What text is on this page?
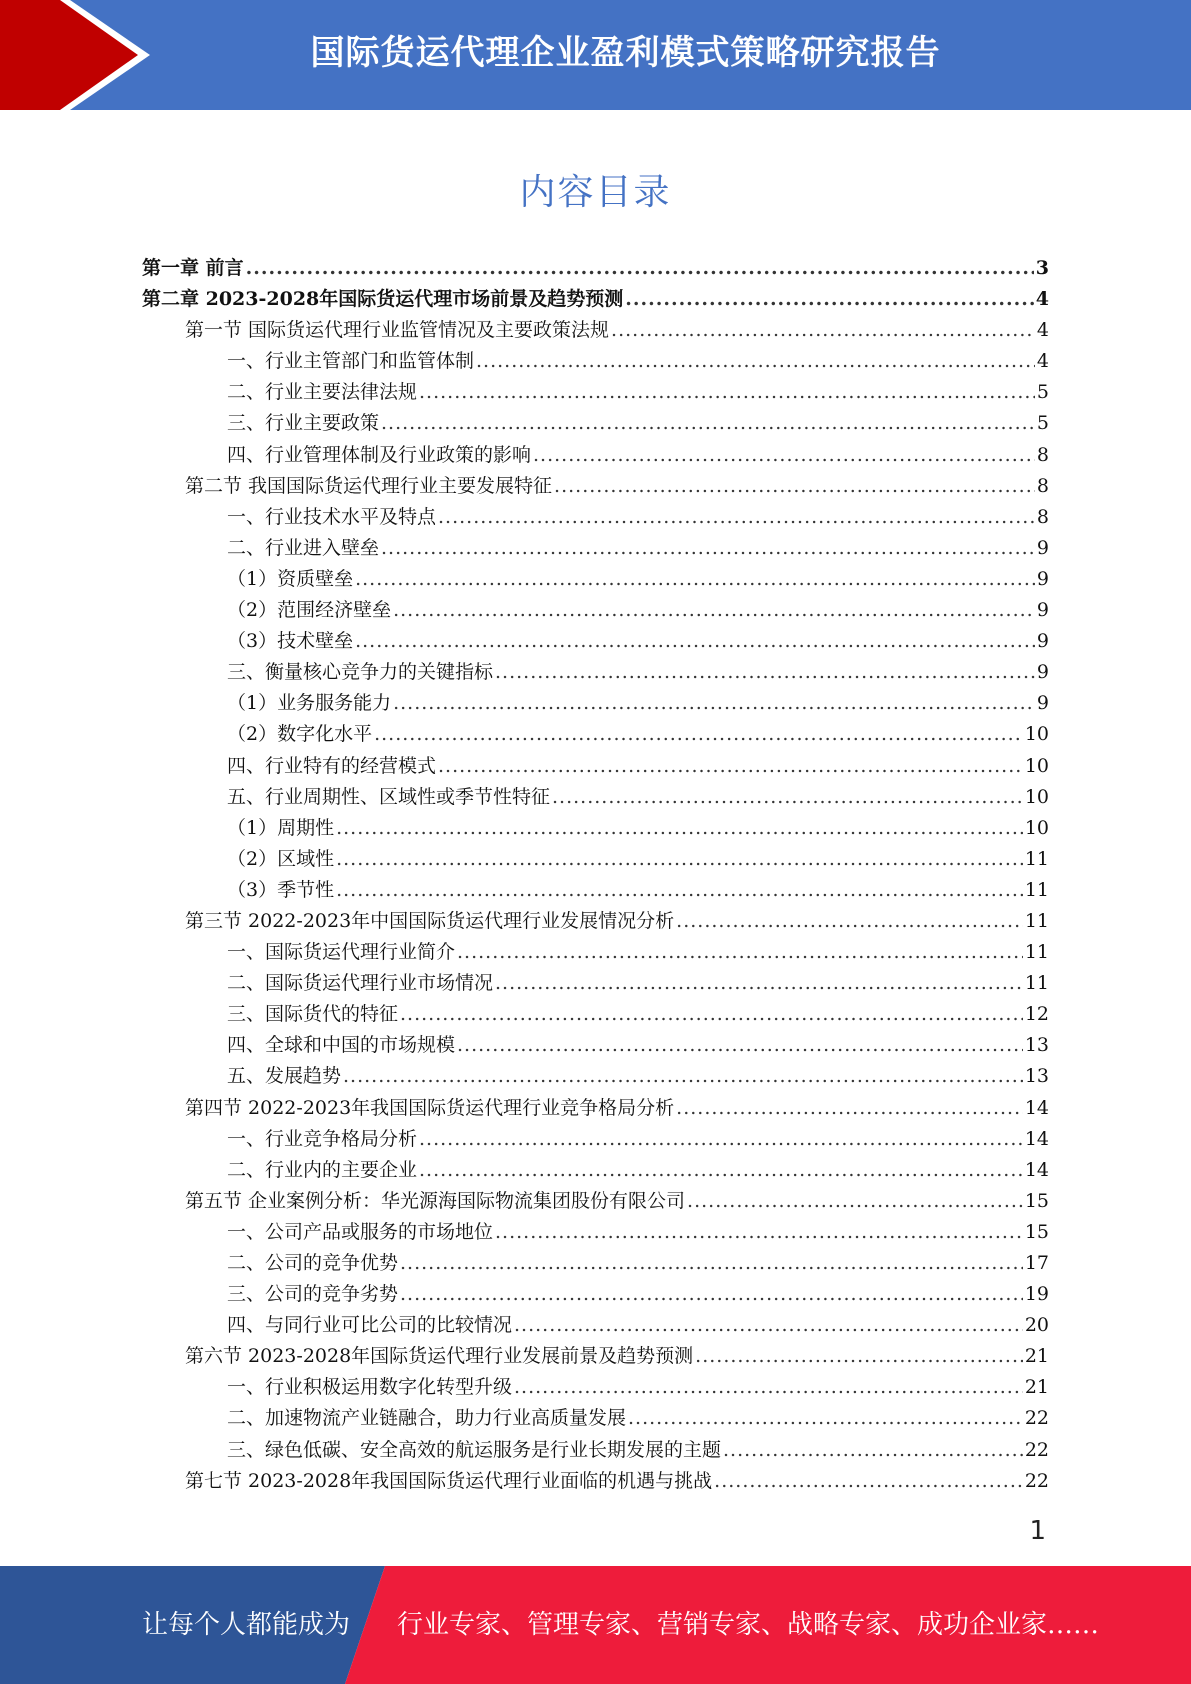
国际货运代理企业盈利模式策略研究报告
内容目录
第一章 前言 .....	3
第二章 2023-2028年国际货运代理市场前景及趋势预测 .....	4
第一节 国际货运代理行业监管情况及主要政策法规 .....	4
一、行业主管部门和监管体制 .....	4
二、行业主要法律法规 .....	5
三、行业主要政策 .....	5
四、行业管理体制及行业政策的影响 .....	8
第二节 我国国际货运代理行业主要发展特征 .....	8
一、行业技术水平及特点 .....	8
二、行业进入壁垒 .....	9
（1）资质壁垒 .....	9
（2）范围经济壁垒 .....	9
（3）技术壁垒 .....	9
三、衡量核心竞争力的关键指标 .....	9
（1）业务服务能力 .....	9
（2）数字化水平 .....	10
四、行业特有的经营模式 .....	10
五、行业周期性、区域性或季节性特征 .....	10
（1）周期性 .....	10
（2）区域性 .....	11
（3）季节性 .....	11
第三节 2022-2023年中国国际货运代理行业发展情况分析 .....	11
一、国际货运代理行业简介 .....	11
二、国际货运代理行业市场情况 .....	11
三、国际货代的特征 .....	12
四、全球和中国的市场规模 .....	13
五、发展趋势 .....	13
第四节 2022-2023年我国国际货运代理行业竞争格局分析 .....	14
一、行业竞争格局分析 .....	14
二、行业内的主要企业 .....	14
第五节 企业案例分析：华光源海国际物流集团股份有限公司 .....	15
一、公司产品或服务的市场地位 .....	15
二、公司的竞争优势 .....	17
三、公司的竞争劣势 .....	19
四、与同行业可比公司的比较情况 .....	20
第六节 2023-2028年国际货运代理行业发展前景及趋势预测 .....	21
一、行业积极运用数字化转型升级 .....	21
二、加速物流产业链融合，助力行业高质量发展 .....	22
三、绿色低碳、安全高效的航运服务是行业长期发展的主题 .....	22
第七节 2023-2028年我国国际货运代理行业面临的机遇与挑战 .....	22
1
让每个人都能成为 行业专家、管理专家、营销专家、战略专家、成功企业家……
